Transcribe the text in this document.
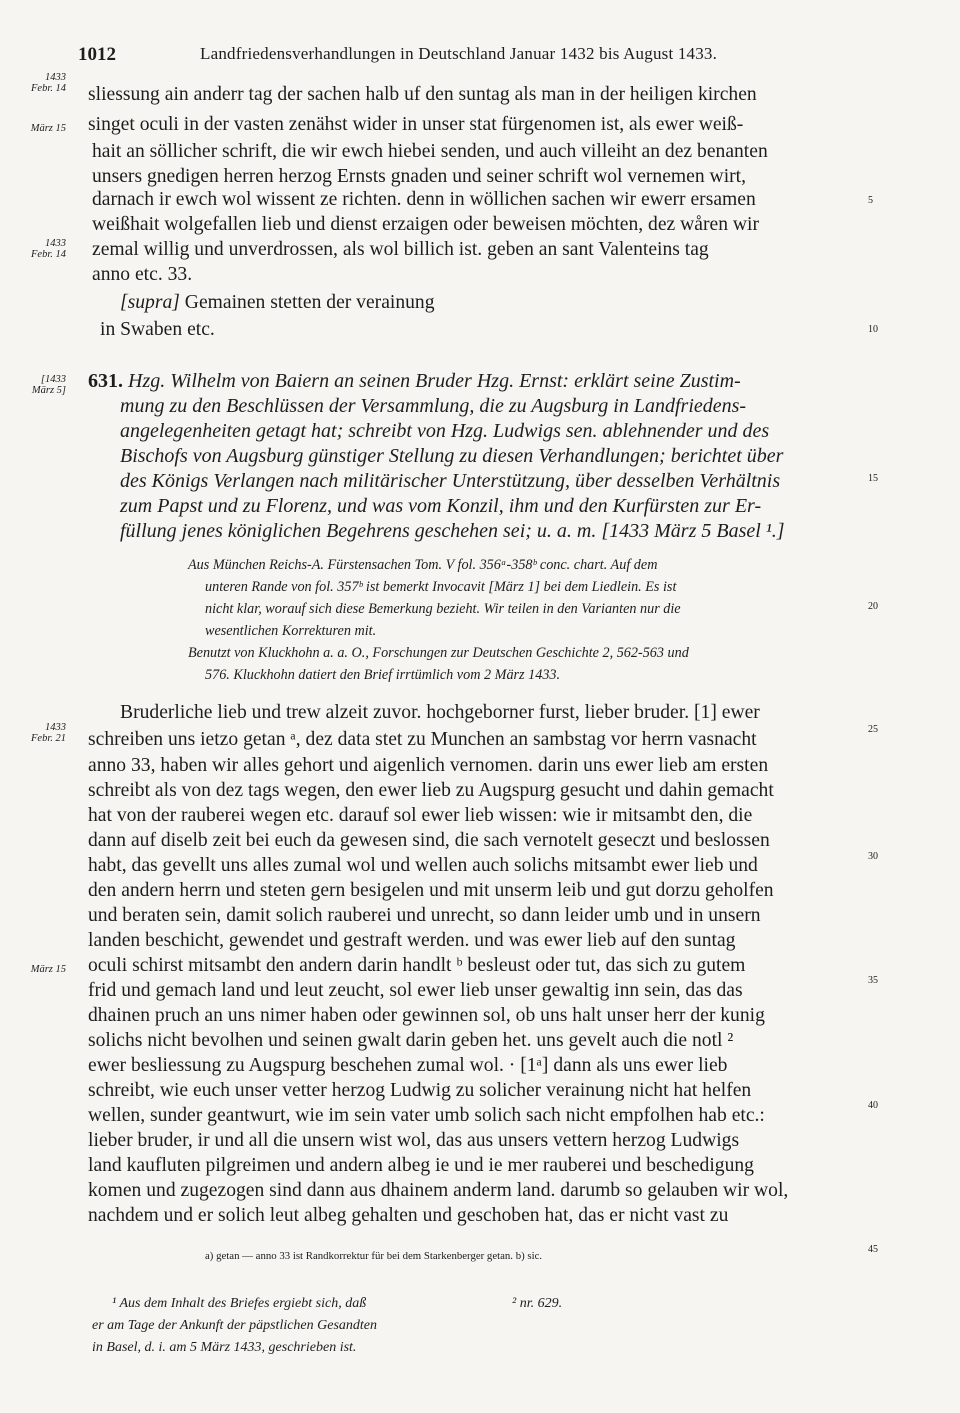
1012	Landfriedensverhandlungen in Deutschland Januar 1432 bis August 1433.
1433
Febr. 14
März 15
1433
Febr. 14
sliessung ain anderr tag der sachen halb uf den suntag als man in der heiligen kirchen
singet oculi in der vasten zenähst wider in unser stat fürgenomen ist, als ewer weiß-
hait an söllicher schrift, die wir ewch hiebei senden, und auch villeiht an dez benanten
unsers gnedigen herren herzog Ernsts gnaden und seiner schrift wol vernemen wirt,
darnach ir ewch wol wissent ze richten. denn in wöllichen sachen wir ewerr ersamen
weißhait wolgefallen lieb und dienst erzaigen oder beweisen möchten, dez wåren wir
zemal willig und unverdrossen, als wol billich ist. geben an sant Valenteins tag
anno etc. 33.
[supra] Gemainen stetten der verainung
in Swaben etc.
5
10
15
20
25
30
35
40
45
[1433
März 5] 631. Hzg. Wilhelm von Baiern an seinen Bruder Hzg. Ernst: erklärt seine Zustim-
mung zu den Beschlüssen der Versammlung, die zu Augsburg in Landfriedens-
angelegenheiten getagt hat; schreibt von Hzg. Ludwigs sen. ablehnender und des
Bischofs von Augsburg günstiger Stellung zu diesen Verhandlungen; berichtet über
des Königs Verlangen nach militärischer Unterstützung, über desselben Verhältnis
zum Papst und zu Florenz, und was vom Konzil, ihm und den Kurfürsten zur Er-
füllung jenes königlichen Begehrens geschehen sei; u. a. m. [1433 März 5 Basel ¹.]
Aus München Reichs-A. Fürstensachen Tom. V fol. 356ᵃ-358ᵇ conc. chart. Auf dem
unteren Rande von fol. 357ᵇ ist bemerkt Invocavit [März 1] bei dem Liedlein. Es ist
nicht klar, worauf sich diese Bemerkung bezieht. Wir teilen in den Varianten nur die
wesentlichen Korrekturen mit.
Benutzt von Kluckhohn a. a. O., Forschungen zur Deutschen Geschichte 2, 562-563 und
576. Kluckhohn datiert den Brief irrtümlich vom 2 März 1433.
1433
Febr. 21
März 15
Bruderliche lieb und trew alzeit zuvor. hochgeborner furst, lieber bruder. [1] ewer
schreiben uns ietzo getan ᵃ, dez data stet zu Munchen an sambstag vor herrn vasnacht
anno 33, haben wir alles gehort und aigenlich vernomen. darin uns ewer lieb am ersten
schreibt als von dez tags wegen, den ewer lieb zu Augspurg gesucht und dahin gemacht
hat von der rauberei wegen etc. darauf sol ewer lieb wissen: wie ir mitsambt den, die
dann auf diselb zeit bei euch da gewesen sind, die sach vernotelt geseczt und beslossen
habt, das gevellt uns alles zumal wol und wellen auch solichs mitsambt ewer lieb und
den andern herrn und steten gern besigelen und mit unserm leib und gut dorzu geholfen
und beraten sein, damit solich rauberei und unrecht, so dann leider umb und in unsern
landen beschicht, gewendet und gestraft werden. und was ewer lieb auf den suntag
oculi schirst mitsambt den andern darin handlt ᵇ besleust oder tut, das sich zu gutem
frid und gemach land und leut zeucht, sol ewer lieb unser gewaltig inn sein, das das
dhainen pruch an uns nimer haben oder gewinnen sol, ob uns halt unser herr der kunig
solichs nicht bevolhen und seinen gwalt darin geben het. uns gevelt auch die notl ²
ewer besliessung zu Augspurg beschehen zumal wol. · [1ᵃ] dann als uns ewer lieb
schreibt, wie euch unser vetter herzog Ludwig zu solicher verainung nicht hat helfen
wellen, sunder geantwurt, wie im sein vater umb solich sach nicht empfolhen hab etc.:
lieber bruder, ir und all die unsern wist wol, das aus unsers vettern herzog Ludwigs
land kaufluten pilgreimen und andern albeg ie und ie mer rauberei und beschedigung
komen und zugezogen sind dann aus dhainem anderm land. darumb so gelauben wir wol,
nachdem und er solich leut albeg gehalten und geschoben hat, das er nicht vast zu
a) getan — anno 33 ist Randkorrektur für bei dem Starkenberger getan. b) sic.
¹ Aus dem Inhalt des Briefes ergiebt sich, daß
er am Tage der Ankunft der päpstlichen Gesandten
in Basel, d. i. am 5 März 1433, geschrieben ist.
² nr. 629.
